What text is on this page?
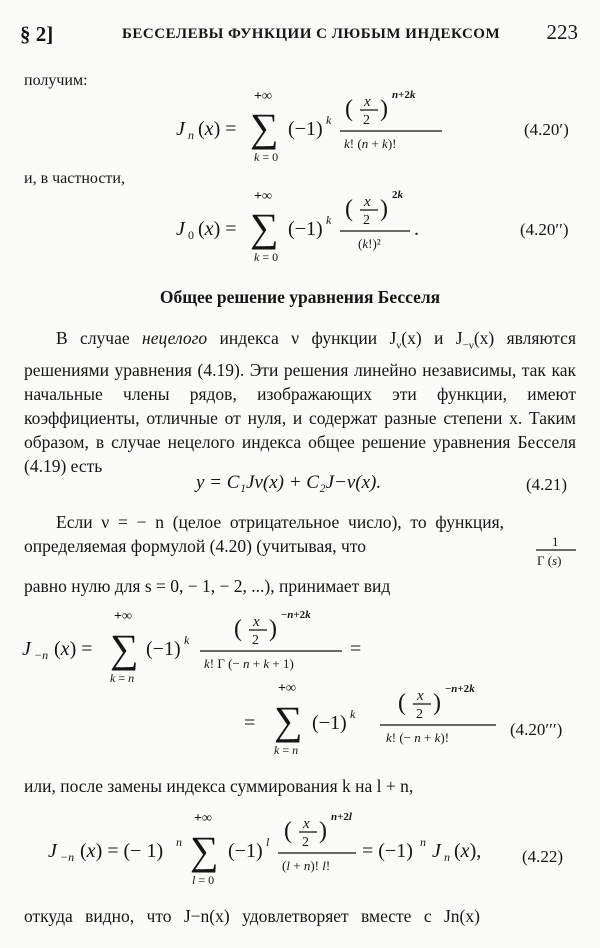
§ 2]	БЕССЕЛЕВЫ ФУНКЦИИ С ЛЮБЫМ ИНДЕКСОМ 223
получим:
J n (x) =
+∞
∑
k = 0
(−1) k ( x
2 )
n+2k
k! (n + k)!
(4.20′)
и, в частности,
J 0 (x) =
+∞
∑
k = 0
(−1) k ( x
2 )
2k
(k!)²
.	(4.20′′)
Общее решение уравнения Бесселя
В случае нецелого индекса ν функции $J_\nu(x)$ и $J_{-\nu}(x)$ являются решениями уравнения (4.19). Эти решения линейно независимы, так как начальные члены рядов, изображающих эти функции, имеют коэффициенты, отличные от нуля, и содержат разные степени x. Таким образом, в случае нецелого индекса общее решение уравнения Бесселя (4.19) есть
y = C₁Jν(x) + C₂J−ν(x).	(4.21)
Если ν = − n (целое отрицательное число), то функция, определяемая формулой (4.20) (учитывая, что	1
Γ (s)
равно нулю для s = 0, − 1, − 2, ...), принимает вид
J −n (x) =
+∞
∑
k = n
(−1) k ( x
2 )
−n+2k
k! Γ (− n + k + 1)
=
=
+∞
∑
k = n
(−1) k ( x
2 )
−n+2k
k! (− n + k)!	(4.20′′′)
или, после замены индекса суммирования k на l + n,
J −n (x) = (− 1) n
+∞
∑
l = 0
(−1) l ( x
2 )
n+2l
(l + n)! l!
= (−1) n J n (x), (4.22)
откуда видно, что J−n(x) удовлетворяет вместе с Jn(x)
